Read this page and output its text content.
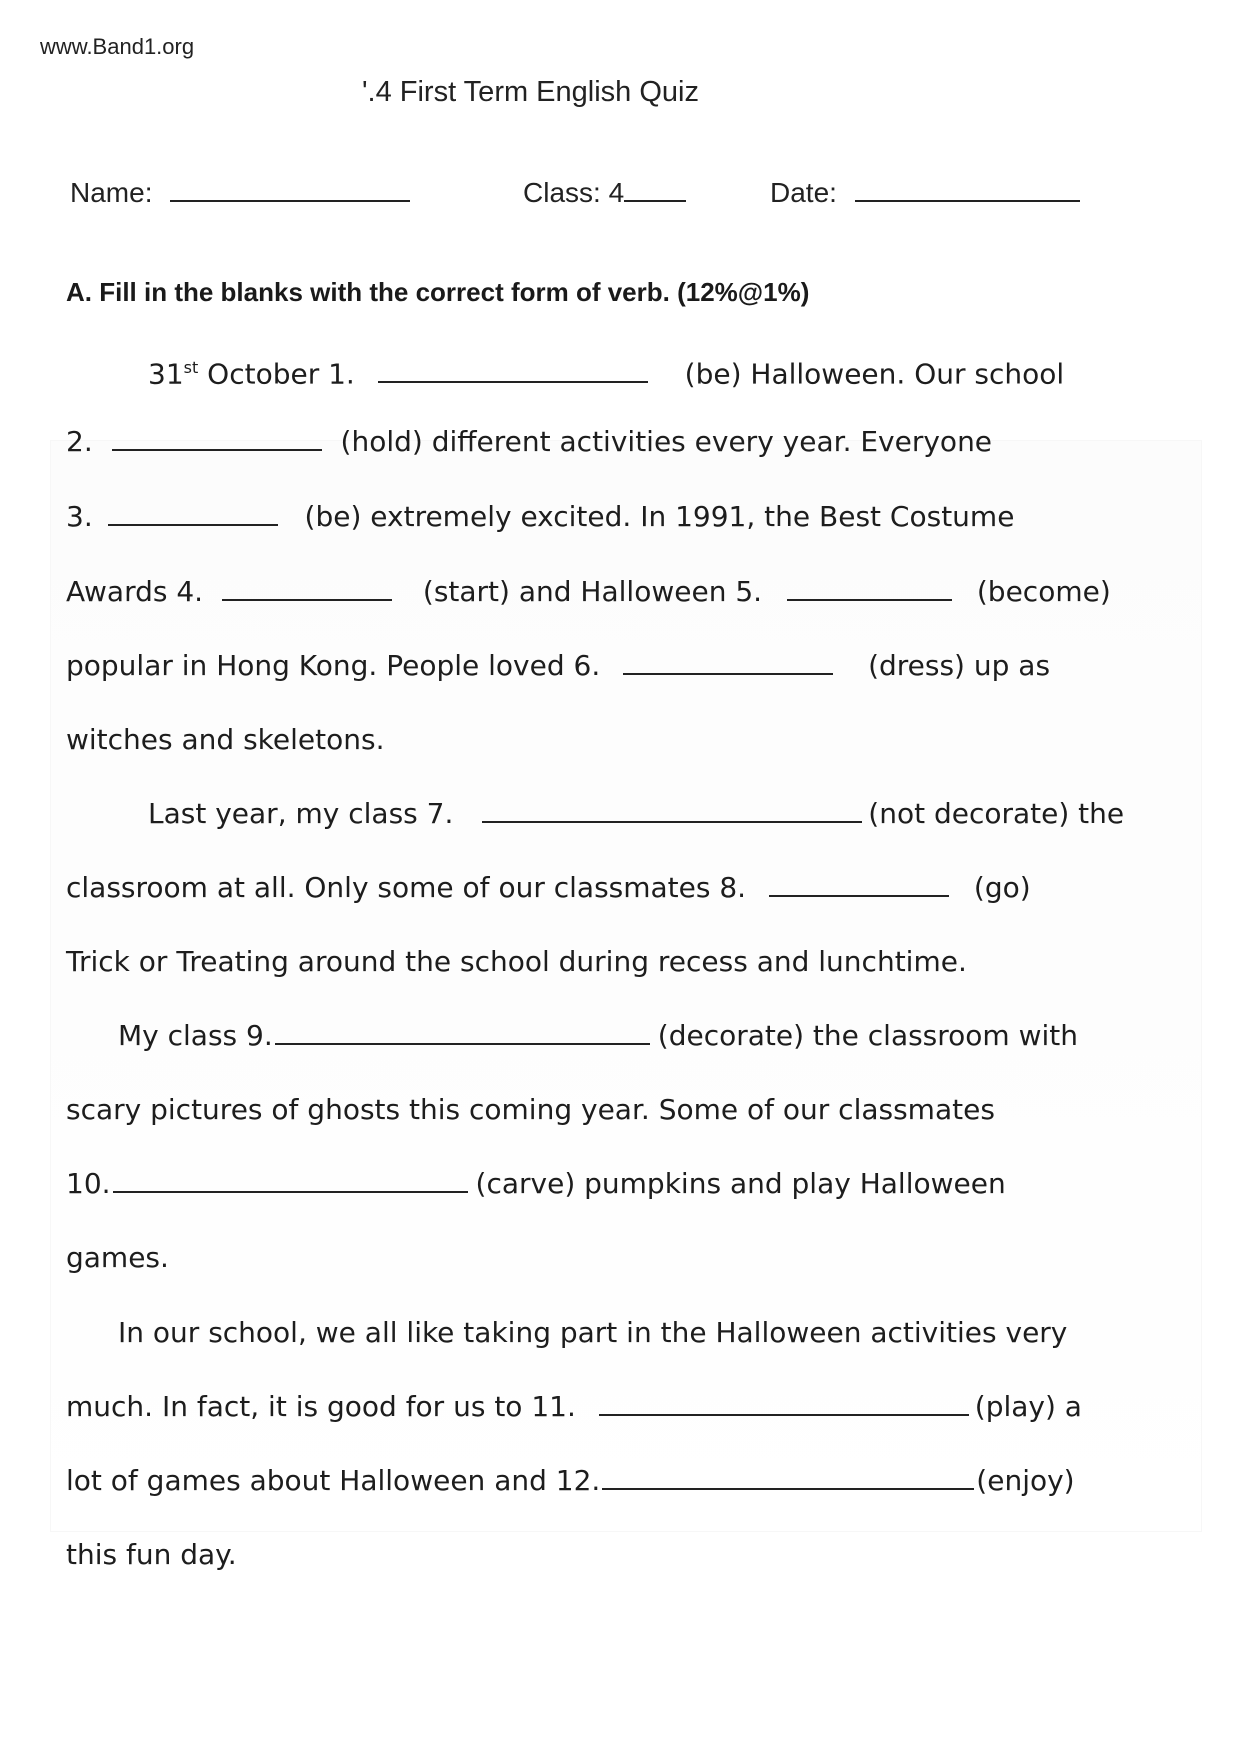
www.Band1.org
'.4 First Term English Quiz
Name:	Class: 4	Date:
A. Fill in the blanks with the correct form of verb. (12%@1%)
31st October 1.	(be) Halloween. Our school
2.	(hold) different activities every year. Everyone
3.	(be) extremely excited. In 1991, the Best Costume
Awards 4.	(start) and Halloween 5.	(become)
popular in Hong Kong. People loved 6.	(dress) up as
witches and skeletons.
Last year, my class 7.	(not decorate) the
classroom at all. Only some of our classmates 8.	(go)
Trick or Treating around the school during recess and lunchtime.
My class 9.	(decorate) the classroom with
scary pictures of ghosts this coming year. Some of our classmates
10.	(carve) pumpkins and play Halloween
games.
In our school, we all like taking part in the Halloween activities very
much. In fact, it is good for us to 11.	(play) a
lot of games about Halloween and 12.	(enjoy)
this fun day.
